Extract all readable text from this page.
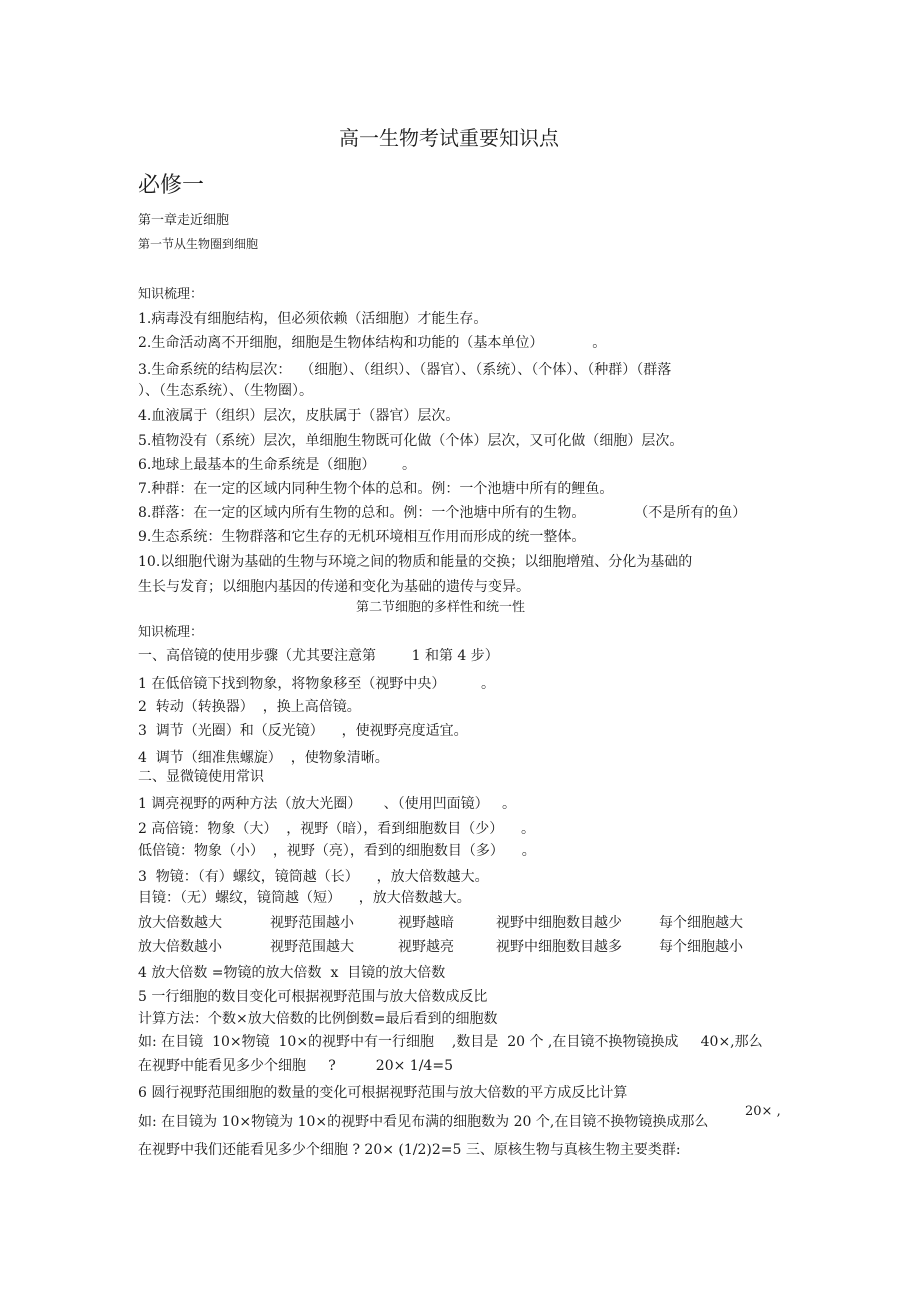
高一生物考试重要知识点
必修一
第一章走近细胞
第一节从生物圈到细胞
知识梳理：
1.病毒没有细胞结构，但必须依赖（活细胞）才能生存。
2.生命活动离不开细胞，细胞是生物体结构和功能的（基本单位）           。
3.生命系统的结构层次：  （细胞）、（组织）、（器官）、（系统）、（个体）、（种群）（群落
）、（生态系统）、（生物圈）。
4.血液属于（组织）层次，皮肤属于（器官）层次。
5.植物没有（系统）层次，单细胞生物既可化做（个体）层次，又可化做（细胞）层次。
6.地球上最基本的生命系统是（细胞）      。
7.种群：在一定的区域内同种生物个体的总和。例：一个池塘中所有的鲤鱼。
8.群落：在一定的区域内所有生物的总和。例：一个池塘中所有的生物。           （不是所有的鱼）
9.生态系统：生物群落和它生存的无机环境相互作用而形成的统一整体。
10.以细胞代谢为基础的生物与环境之间的物质和能量的交换；以细胞增殖、分化为基础的
生长与发育；以细胞内基因的传递和变化为基础的遗传与变异。
第二节细胞的多样性和统一性
知识梳理：
一、高倍镜的使用步骤（尤其要注意第        1 和第 4 步）
1 在低倍镜下找到物象，将物象移至（视野中央）        。
2  转动（转换器）  ，换上高倍镜。
3  调节（光圈）和（反光镜）    ，使视野亮度适宜。
4  调节（细准焦螺旋）  ，使物象清晰。
二、显微镜使用常识
1 调亮视野的两种方法（放大光圈）     、（使用凹面镜）   。
2 高倍镜：物象（大）  ，视野（暗），看到细胞数目（少）    。
低倍镜：物象（小）  ，视野（亮），看到的细胞数目（多）    。
3  物镜：（有）螺纹，镜筒越（长）    ，放大倍数越大。
目镜：（无）螺纹，镜筒越（短）    ，放大倍数越大。
放大倍数越大	视野范围越小	视野越暗	视野中细胞数目越少	每个细胞越大
放大倍数越小	视野范围越大	视野越亮	视野中细胞数目越多	每个细胞越小
4 放大倍数 =物镜的放大倍数  x  目镜的放大倍数
5 一行细胞的数目变化可根据视野范围与放大倍数成反比
计算方法：个数×放大倍数的比例倒数=最后看到的细胞数
如: 在目镜  10×物镜  10×的视野中有一行细胞    ,数目是  20 个 ,在目镜不换物镜换成     40×,那么
在视野中能看见多少个细胞     ?         20× 1/4=5
6 圆行视野范围细胞的数量的变化可根据视野范围与放大倍数的平方成反比计算
20× ,
如: 在目镜为 10×物镜为 10×的视野中看见布满的细胞数为 20 个,在目镜不换物镜换成那么
在视野中我们还能看见多少个细胞 ? 20× (1/2)2=5 三、原核生物与真核生物主要类群:
